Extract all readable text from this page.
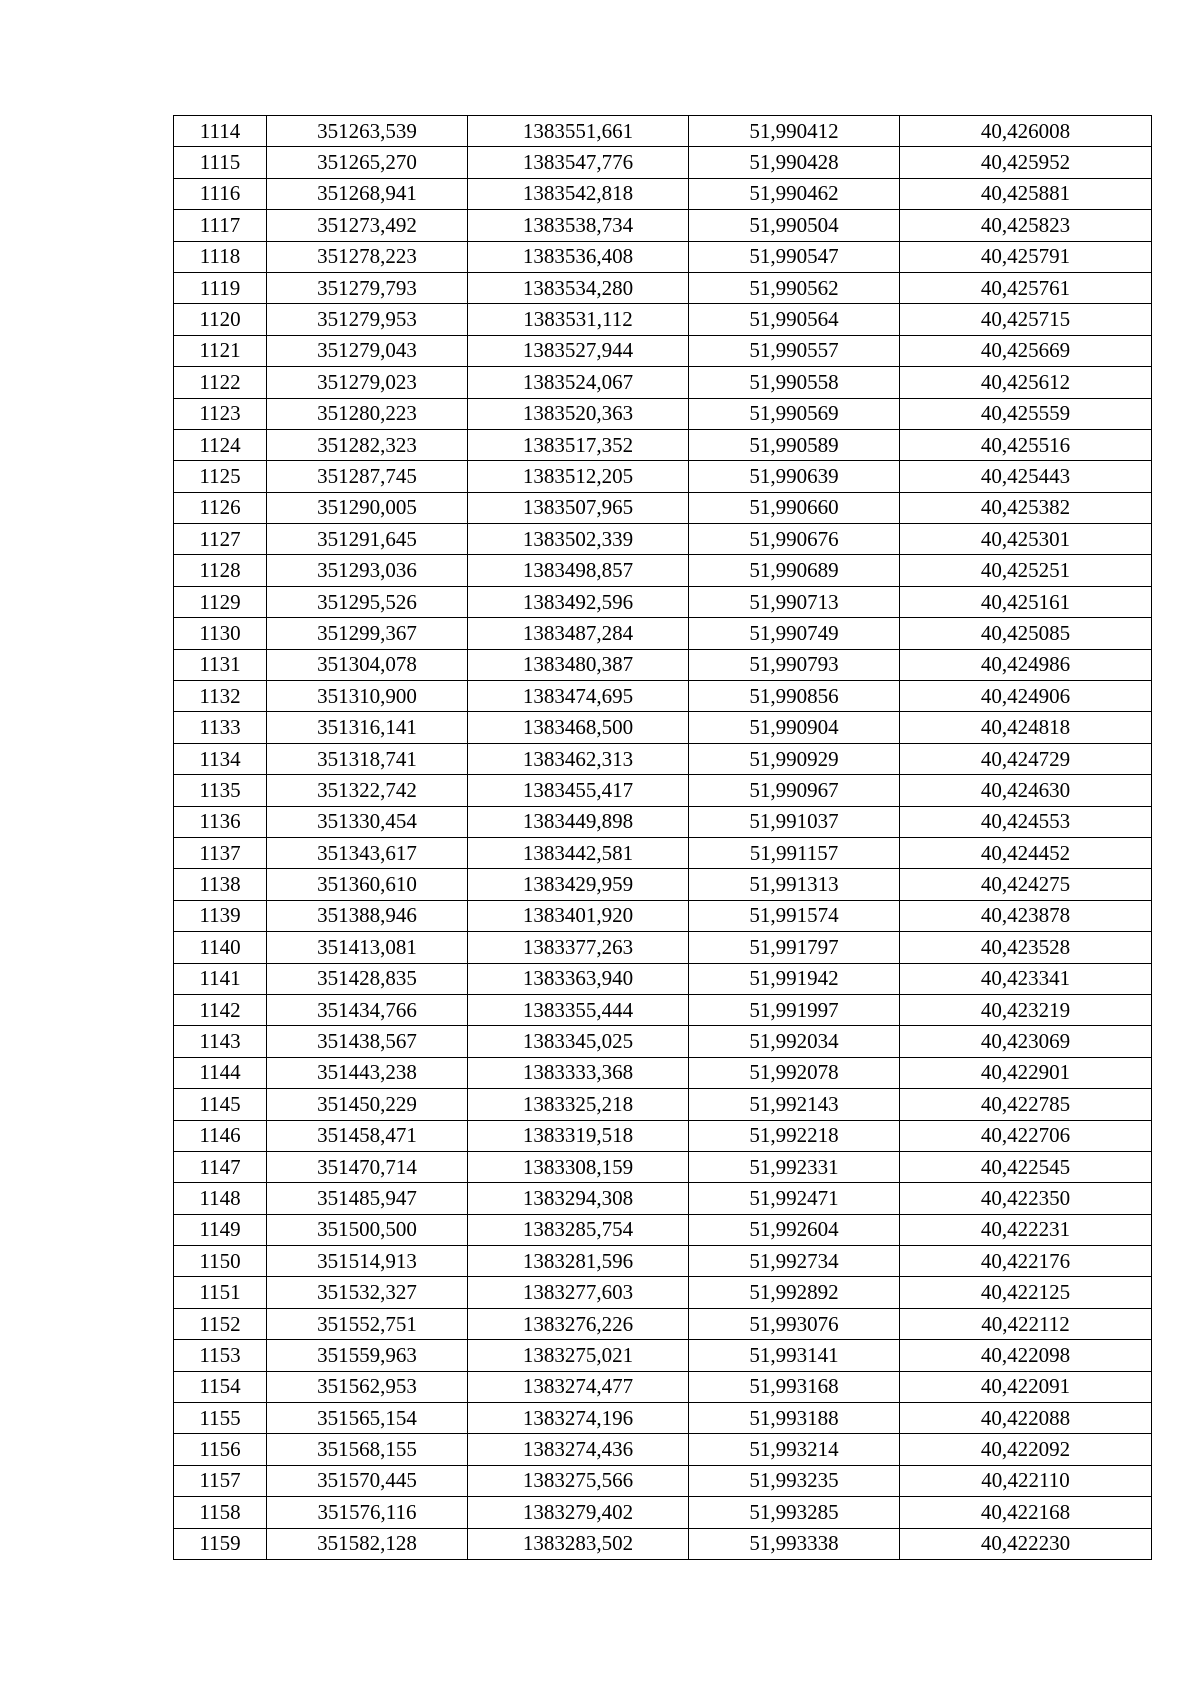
1114	351263,539	1383551,661	51,990412	40,426008
1115	351265,270	1383547,776	51,990428	40,425952
1116	351268,941	1383542,818	51,990462	40,425881
1117	351273,492	1383538,734	51,990504	40,425823
1118	351278,223	1383536,408	51,990547	40,425791
1119	351279,793	1383534,280	51,990562	40,425761
1120	351279,953	1383531,112	51,990564	40,425715
1121	351279,043	1383527,944	51,990557	40,425669
1122	351279,023	1383524,067	51,990558	40,425612
1123	351280,223	1383520,363	51,990569	40,425559
1124	351282,323	1383517,352	51,990589	40,425516
1125	351287,745	1383512,205	51,990639	40,425443
1126	351290,005	1383507,965	51,990660	40,425382
1127	351291,645	1383502,339	51,990676	40,425301
1128	351293,036	1383498,857	51,990689	40,425251
1129	351295,526	1383492,596	51,990713	40,425161
1130	351299,367	1383487,284	51,990749	40,425085
1131	351304,078	1383480,387	51,990793	40,424986
1132	351310,900	1383474,695	51,990856	40,424906
1133	351316,141	1383468,500	51,990904	40,424818
1134	351318,741	1383462,313	51,990929	40,424729
1135	351322,742	1383455,417	51,990967	40,424630
1136	351330,454	1383449,898	51,991037	40,424553
1137	351343,617	1383442,581	51,991157	40,424452
1138	351360,610	1383429,959	51,991313	40,424275
1139	351388,946	1383401,920	51,991574	40,423878
1140	351413,081	1383377,263	51,991797	40,423528
1141	351428,835	1383363,940	51,991942	40,423341
1142	351434,766	1383355,444	51,991997	40,423219
1143	351438,567	1383345,025	51,992034	40,423069
1144	351443,238	1383333,368	51,992078	40,422901
1145	351450,229	1383325,218	51,992143	40,422785
1146	351458,471	1383319,518	51,992218	40,422706
1147	351470,714	1383308,159	51,992331	40,422545
1148	351485,947	1383294,308	51,992471	40,422350
1149	351500,500	1383285,754	51,992604	40,422231
1150	351514,913	1383281,596	51,992734	40,422176
1151	351532,327	1383277,603	51,992892	40,422125
1152	351552,751	1383276,226	51,993076	40,422112
1153	351559,963	1383275,021	51,993141	40,422098
1154	351562,953	1383274,477	51,993168	40,422091
1155	351565,154	1383274,196	51,993188	40,422088
1156	351568,155	1383274,436	51,993214	40,422092
1157	351570,445	1383275,566	51,993235	40,422110
1158	351576,116	1383279,402	51,993285	40,422168
1159	351582,128	1383283,502	51,993338	40,422230
